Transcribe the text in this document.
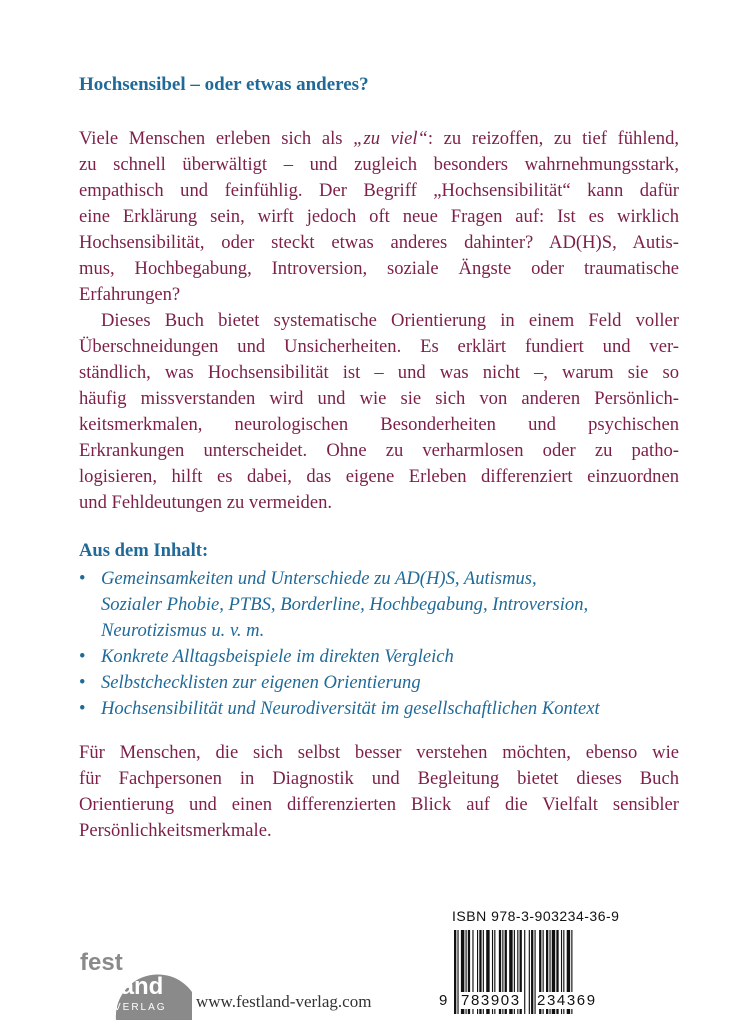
Hochsensibel – oder etwas anderes?
Viele Menschen erleben sich als „zu viel“: zu reizoffen, zu tief fühlend,
zu schnell überwältigt – und zugleich besonders wahrnehmungsstark,
empathisch und feinfühlig. Der Begriff „Hochsensibilität“ kann dafür
eine Erklärung sein, wirft jedoch oft neue Fragen auf: Ist es wirklich
Hochsensibilität, oder steckt etwas anderes dahinter? AD(H)S, Autis-
mus, Hochbegabung, Introversion, soziale Ängste oder traumatische
Erfahrungen?
Dieses Buch bietet systematische Orientierung in einem Feld voller
Überschneidungen und Unsicherheiten. Es erklärt fundiert und ver-
ständlich, was Hochsensibilität ist – und was nicht –, warum sie so
häufig missverstanden wird und wie sie sich von anderen Persönlich-
keitsmerkmalen, neurologischen Besonderheiten und psychischen
Erkrankungen unterscheidet. Ohne zu verharmlosen oder zu patho-
logisieren, hilft es dabei, das eigene Erleben differenziert einzuordnen
und Fehldeutungen zu vermeiden.
Aus dem Inhalt:
• Gemeinsamkeiten und Unterschiede zu AD(H)S, Autismus,
Sozialer Phobie, PTBS, Borderline, Hochbegabung, Introversion,
Neurotizismus u. v. m.
• Konkrete Alltagsbeispiele im direkten Vergleich
• Selbstchecklisten zur eigenen Orientierung
• Hochsensibilität und Neurodiversität im gesellschaftlichen Kontext
Für Menschen, die sich selbst besser verstehen möchten, ebenso wie
für Fachpersonen in Diagnostik und Begleitung bietet dieses Buch
Orientierung und einen differenzierten Blick auf die Vielfalt sensibler
Persönlichkeitsmerkmale.
fest
land
VERLAG www.festland-verlag.com
ISBN 978-3-903234-36-9
9 783903 234369
